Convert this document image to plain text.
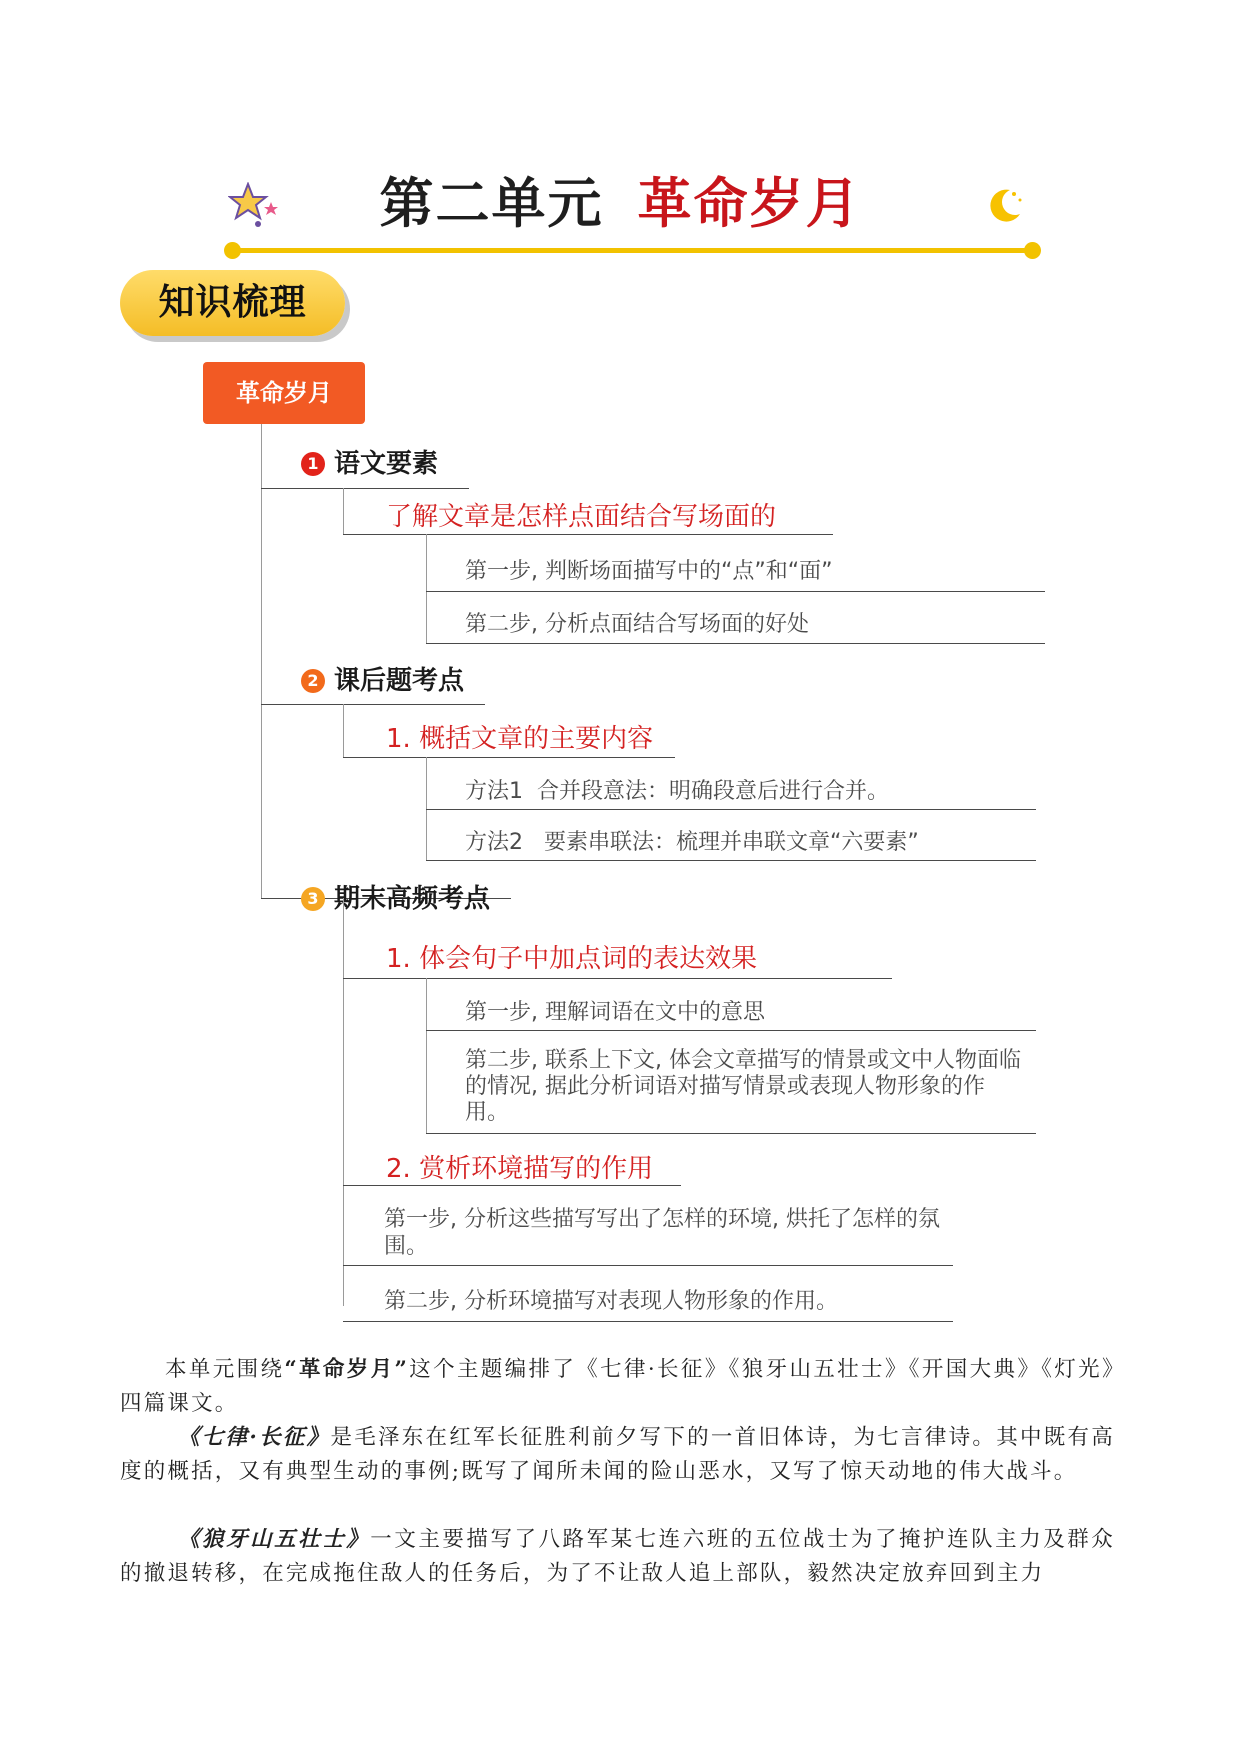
第二单元 革命岁月
知识梳理
革命岁月
1 语文要素
了解文章是怎样点面结合写场面的
第一步, 判断场面描写中的“点”和“面”
第二步, 分析点面结合写场面的好处
2 课后题考点
1. 概括文章的主要内容
方法1  合并段意法：明确段意后进行合并。
方法2   要素串联法：梳理并串联文章“六要素”
3 期末高频考点
1. 体会句子中加点词的表达效果
第一步, 理解词语在文中的意思
第二步, 联系上下文, 体会文章描写的情景或文中人物面临的情况, 据此分析词语对描写情景或表现人物形象的作用。
2. 赏析环境描写的作用
第一步, 分析这些描写写出了怎样的环境, 烘托了怎样的氛围。
第二步, 分析环境描写对表现人物形象的作用。
本单元围绕“革命岁月”这个主题编排了《七律·长征》《狼牙山五壮士》《开国大典》《灯光》四篇课文。
《七律·长征》是毛泽东在红军长征胜利前夕写下的一首旧体诗，为七言律诗。其中既有高度的概括，又有典型生动的事例;既写了闻所未闻的险山恶水，又写了惊天动地的伟大战斗。
《狼牙山五壮士》一文主要描写了八路军某七连六班的五位战士为了掩护连队主力及群众的撤退转移，在完成拖住敌人的任务后，为了不让敌人追上部队，毅然决定放弃回到主力
